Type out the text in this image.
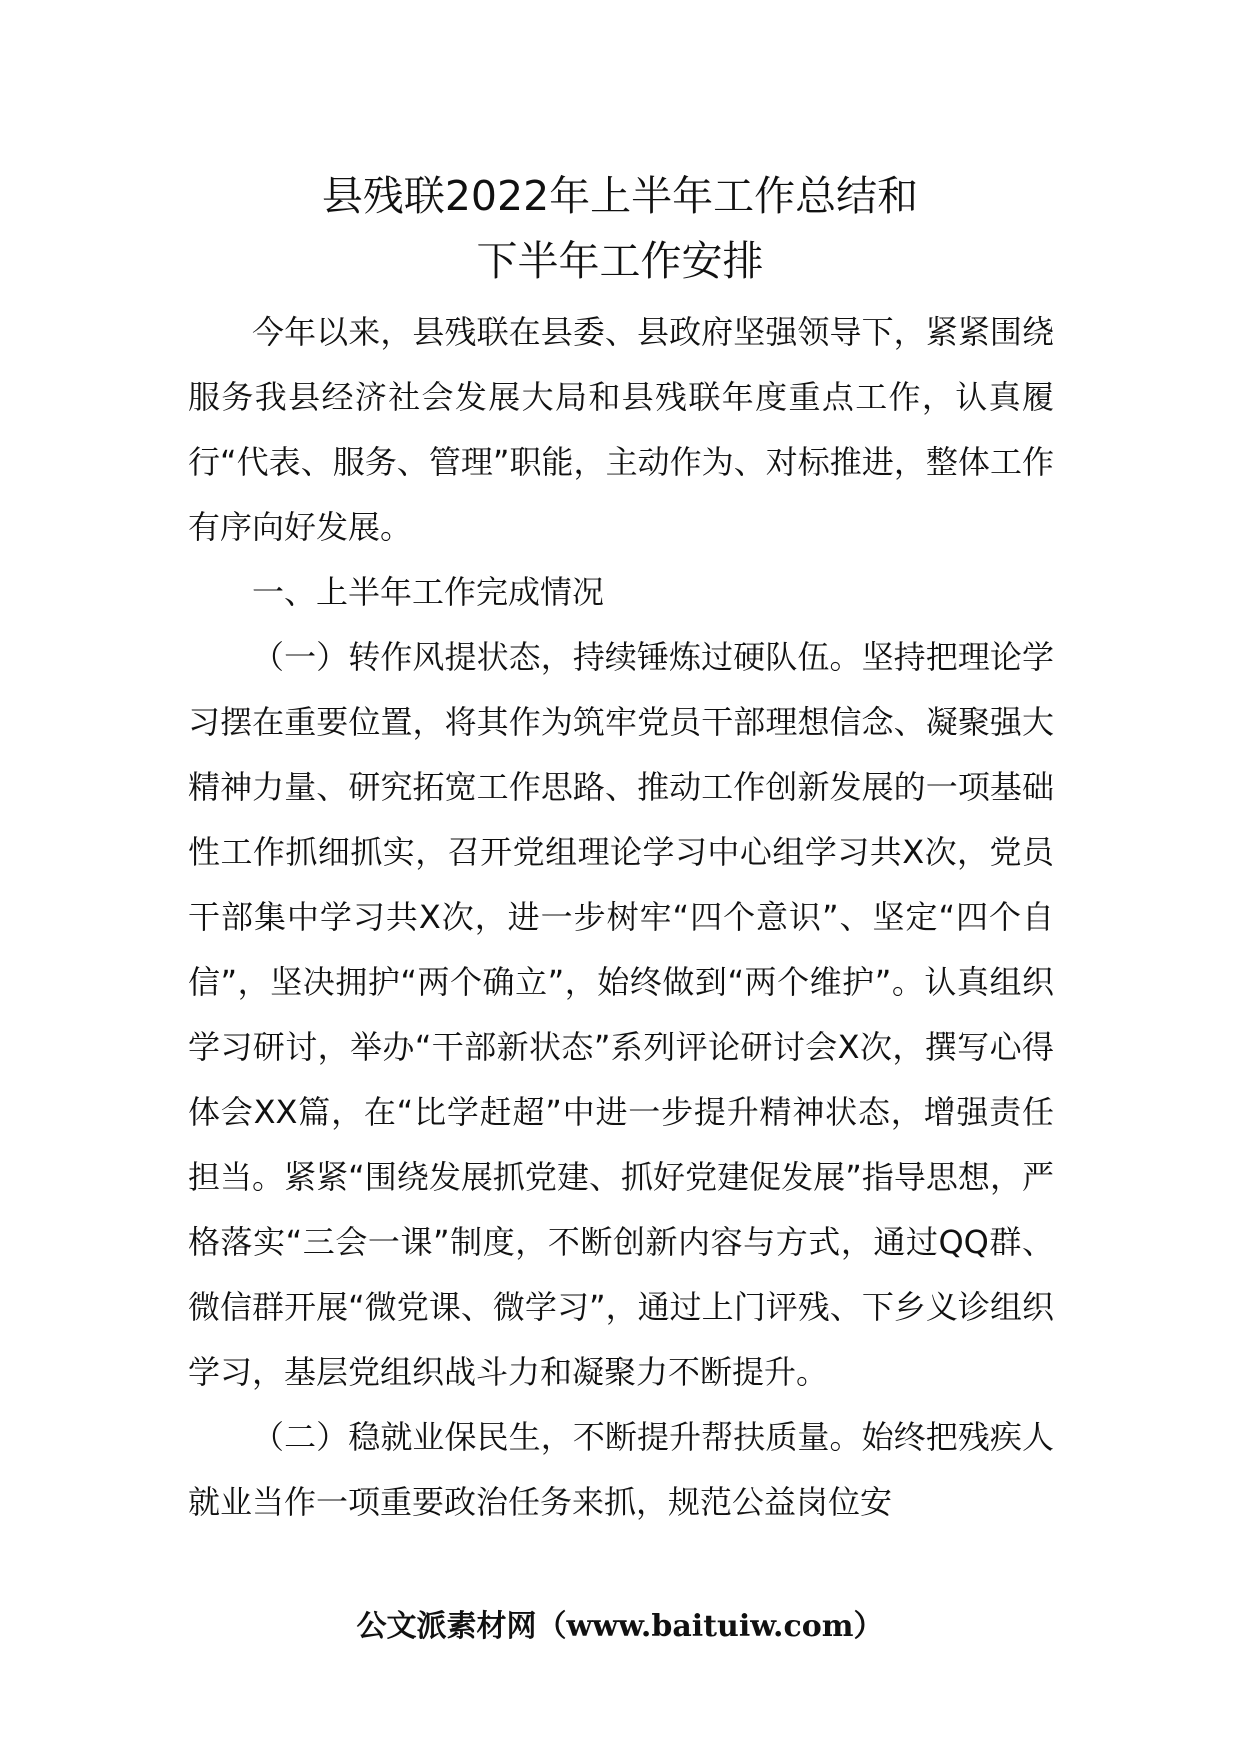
县残联2022年上半年工作总结和
下半年工作安排

今年以来，县残联在县委、县政府坚强领导下，紧紧围绕服务我县经济社会发展大局和县残联年度重点工作，认真履行“代表、服务、管理”职能，主动作为、对标推进，整体工作有序向好发展。

一、上半年工作完成情况

（一）转作风提状态，持续锤炼过硬队伍。坚持把理论学习摆在重要位置，将其作为筑牢党员干部理想信念、凝聚强大精神力量、研究拓宽工作思路、推动工作创新发展的一项基础性工作抓细抓实，召开党组理论学习中心组学习共X次，党员干部集中学习共X次，进一步树牢“四个意识”、坚定“四个自信”，坚决拥护“两个确立”，始终做到“两个维护”。认真组织学习研讨，举办“干部新状态”系列评论研讨会X次，撰写心得体会XX篇，在“比学赶超”中进一步提升精神状态，增强责任担当。紧紧“围绕发展抓党建、抓好党建促发展”指导思想，严格落实“三会一课”制度，不断创新内容与方式，通过QQ群、微信群开展“微党课、微学习”，通过上门评残、下乡义诊组织学习，基层党组织战斗力和凝聚力不断提升。

（二）稳就业保民生，不断提升帮扶质量。始终把残疾人就业当作一项重要政治任务来抓，规范公益岗位安

公文派素材网（www.baituiw.com）
